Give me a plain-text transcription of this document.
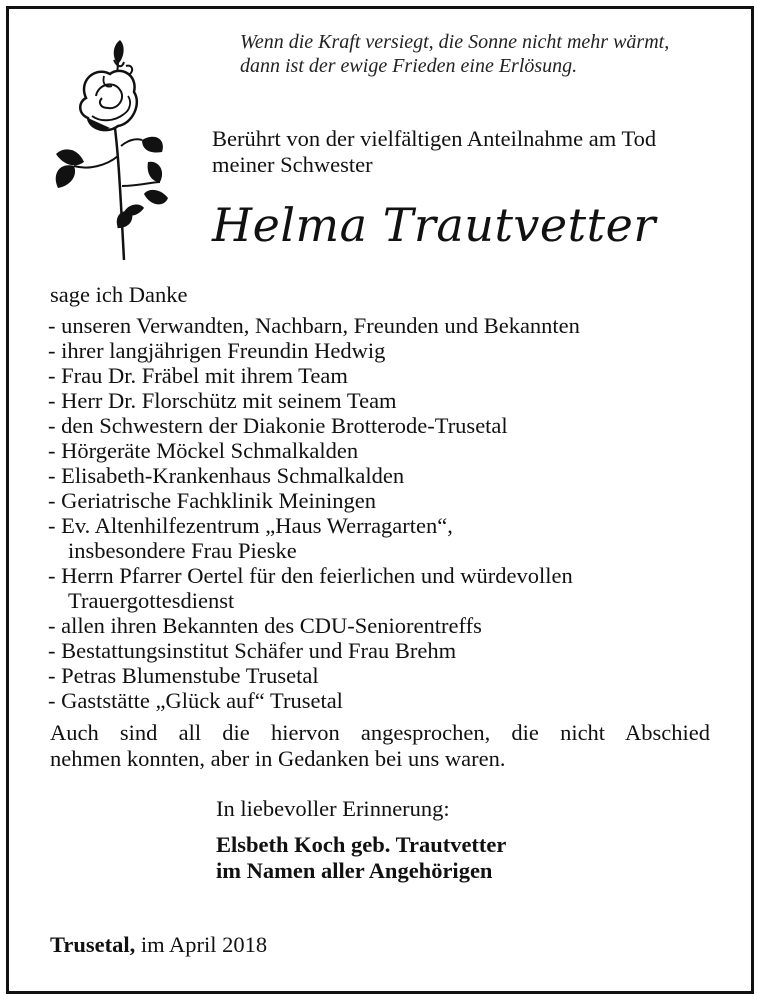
Wenn die Kraft versiegt, die Sonne nicht mehr wärmt,
dann ist der ewige Frieden eine Erlösung.
Berührt von der vielfältigen Anteilnahme am Tod
meiner Schwester
Helma Trautvetter
sage ich Danke
- unseren Verwandten, Nachbarn, Freunden und Bekannten
- ihrer langjährigen Freundin Hedwig
- Frau Dr. Fräbel mit ihrem Team
- Herr Dr. Florschütz mit seinem Team
- den Schwestern der Diakonie Brotterode-Trusetal
- Hörgeräte Möckel Schmalkalden
- Elisabeth-Krankenhaus Schmalkalden
- Geriatrische Fachklinik Meiningen
- Ev. Altenhilfezentrum „Haus Werragarten“,
insbesondere Frau Pieske
- Herrn Pfarrer Oertel für den feierlichen und würdevollen
Trauergottesdienst
- allen ihren Bekannten des CDU-Seniorentreffs
- Bestattungsinstitut Schäfer und Frau Brehm
- Petras Blumenstube Trusetal
- Gaststätte „Glück auf“ Trusetal
Auch sind all die hiervon angesprochen, die nicht Abschied
nehmen konnten, aber in Gedanken bei uns waren.
In liebevoller Erinnerung:
Elsbeth Koch geb. Trautvetter
im Namen aller Angehörigen
Trusetal, im April 2018
